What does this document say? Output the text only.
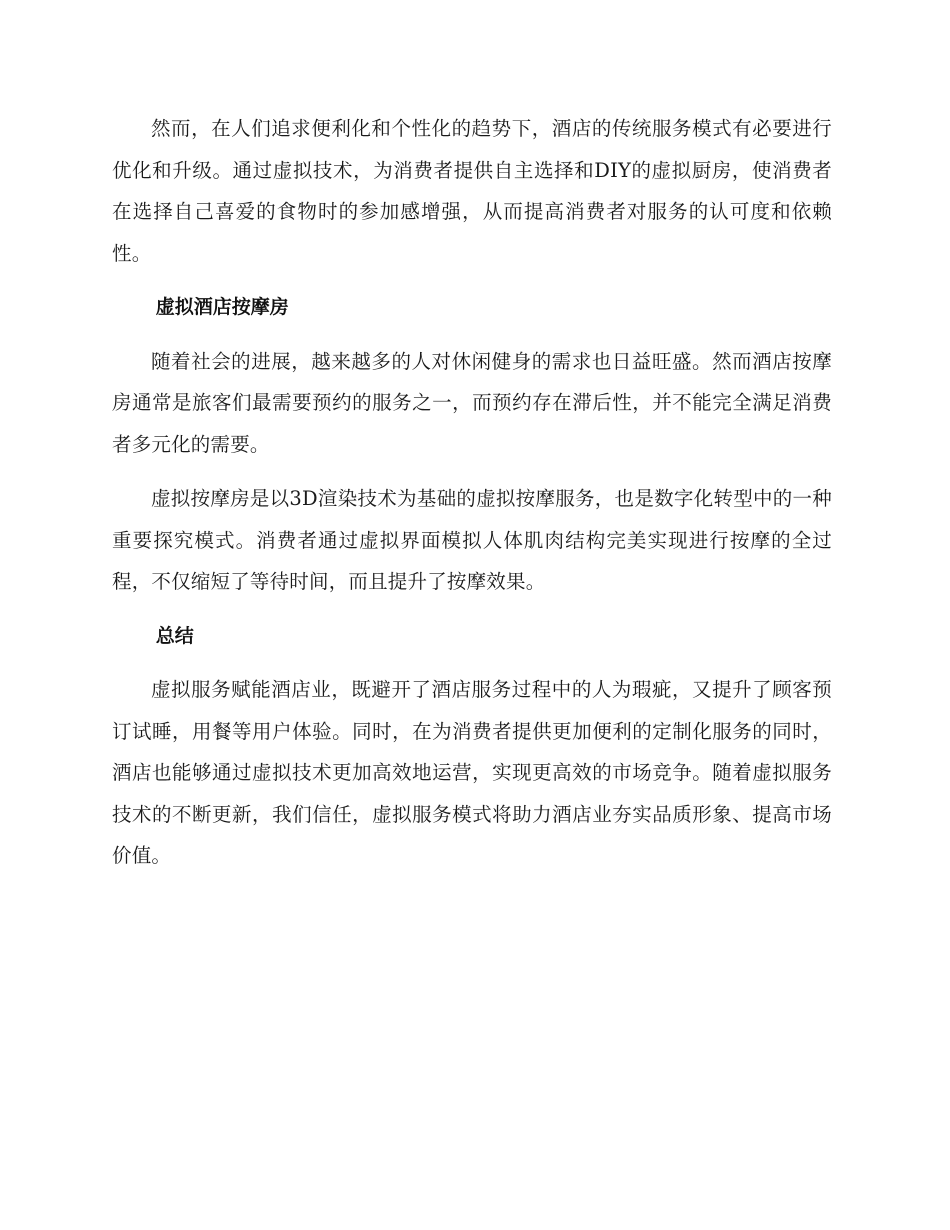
然而，在人们追求便利化和个性化的趋势下，酒店的传统服务模式有必要进行优化和升级。通过虚拟技术，为消费者提供自主选择和DIY的虚拟厨房，使消费者在选择自己喜爱的食物时的参加感增强，从而提高消费者对服务的认可度和依赖性。

虚拟酒店按摩房

随着社会的进展，越来越多的人对休闲健身的需求也日益旺盛。然而酒店按摩房通常是旅客们最需要预约的服务之一，而预约存在滞后性，并不能完全满足消费者多元化的需要。

虚拟按摩房是以3D渲染技术为基础的虚拟按摩服务，也是数字化转型中的一种重要探究模式。消费者通过虚拟界面模拟人体肌肉结构完美实现进行按摩的全过程，不仅缩短了等待时间，而且提升了按摩效果。

总结

虚拟服务赋能酒店业，既避开了酒店服务过程中的人为瑕疵，又提升了顾客预订试睡，用餐等用户体验。同时，在为消费者提供更加便利的定制化服务的同时，酒店也能够通过虚拟技术更加高效地运营，实现更高效的市场竞争。随着虚拟服务技术的不断更新，我们信任，虚拟服务模式将助力酒店业夯实品质形象、提高市场价值。
